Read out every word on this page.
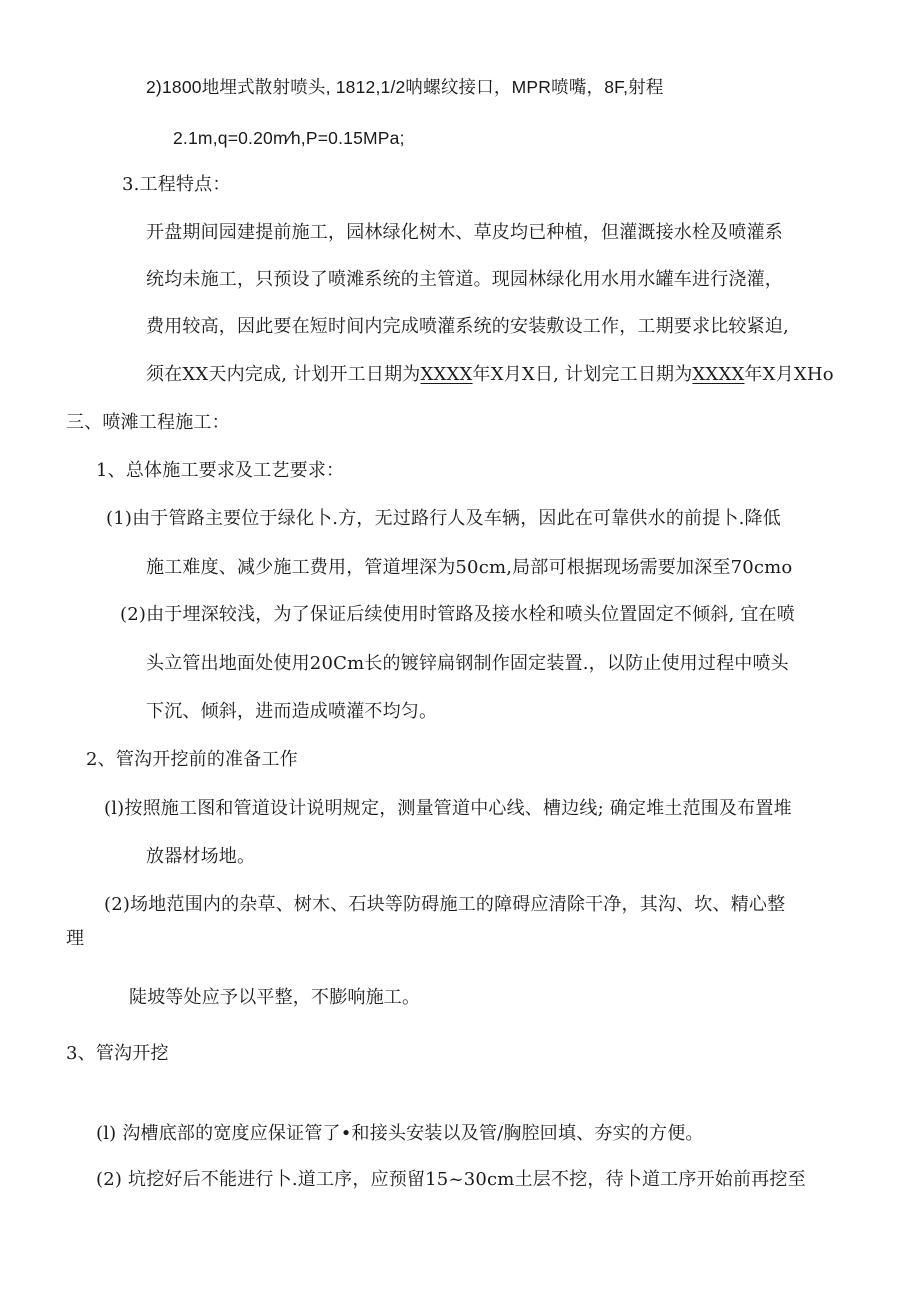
2)1800地埋式散射喷头, 1812,1/2呐螺纹接口，MPR喷嘴，8F,射程
2.1m,q=0.20m∕h,P=0.15MPa;
3.工程特点：
开盘期间园建提前施工，园林绿化树木、草皮均已种植，但灌溉接水栓及喷灌系
统均未施工，只预设了喷滩系统的主管道。现园林绿化用水用水罐车进行浇灌，
费用较高，因此要在短时间内完成喷灌系统的安装敷设工作，工期要求比较紧迫,
须在XX天内完成, 计划开工日期为XXXX年X月X日, 计划完工日期为XXXX年X月XHo
三、喷滩工程施工：
1、总体施工要求及工艺要求：
(1)由于管路主要位于绿化卜.方，无过路行人及车辆，因此在可靠供水的前提卜.降低
施工难度、减少施工费用，管道埋深为50cm,局部可根据现场需要加深至70cmo
(2)由于埋深较浅，为了保证后续使用时管路及接水栓和喷头位置固定不倾斜, 宜在喷
头立管出地面处使用20Cm长的镀锌扁钢制作固定装置.，以防止使用过程中喷头
下沉、倾斜，进而造成喷灌不均匀。
2、管沟开挖前的准备工作
(l)按照施工图和管道设计说明规定，测量管道中心线、槽边线; 确定堆土范围及布置堆
放器材场地。
(2)场地范围内的杂草、树木、石块等防碍施工的障碍应清除干净，其沟、坎、精心整
理
陡坡等处应予以平整，不膨响施工。
3、管沟开挖
(l) 沟槽底部的宽度应保证管了•和接头安装以及管/胸腔回填、夯实的方便。
(2) 坑挖好后不能进行卜.道工序，应预留15~30cm土层不挖，待卜道工序开始前再挖至
